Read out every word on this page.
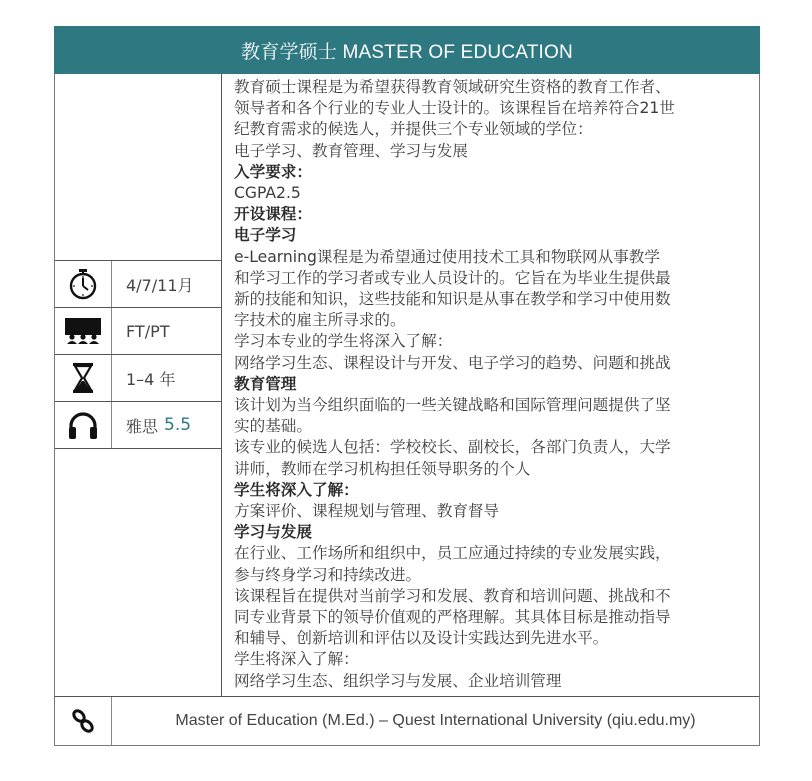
教育学硕士 MASTER OF EDUCATION
4/7/11月
FT/PT
1–4 年
雅思 5.5

教育硕士课程是为希望获得教育领域研究生资格的教育工作者、

领导者和各个行业的专业人士设计的。该课程旨在培养符合21世

纪教育需求的候选人，并提供三个专业领域的学位：

电子学习、教育管理、学习与发展

入学要求：

CGPA2.5

开设课程：

电子学习

e-Learning课程是为希望通过使用技术工具和物联网从事教学

和学习工作的学习者或专业人员设计的。它旨在为毕业生提供最

新的技能和知识，这些技能和知识是从事在教学和学习中使用数

字技术的雇主所寻求的。

学习本专业的学生将深入了解：

网络学习生态、课程设计与开发、电子学习的趋势、问题和挑战

教育管理

该计划为当今组织面临的一些关键战略和国际管理问题提供了坚

实的基础。

该专业的候选人包括：学校校长、副校长，各部门负责人，大学

讲师，教师在学习机构担任领导职务的个人

学生将深入了解：

方案评价、课程规划与管理、教育督导

学习与发展

在行业、工作场所和组织中，员工应通过持续的专业发展实践，

参与终身学习和持续改进。

该课程旨在提供对当前学习和发展、教育和培训问题、挑战和不

同专业背景下的领导价值观的严格理解。其具体目标是推动指导

和辅导、创新培训和评估以及设计实践达到先进水平。

学生将深入了解：

网络学习生态、组织学习与发展、企业培训管理

Master of Education (M.Ed.) – Quest International University (qiu.edu.my)
